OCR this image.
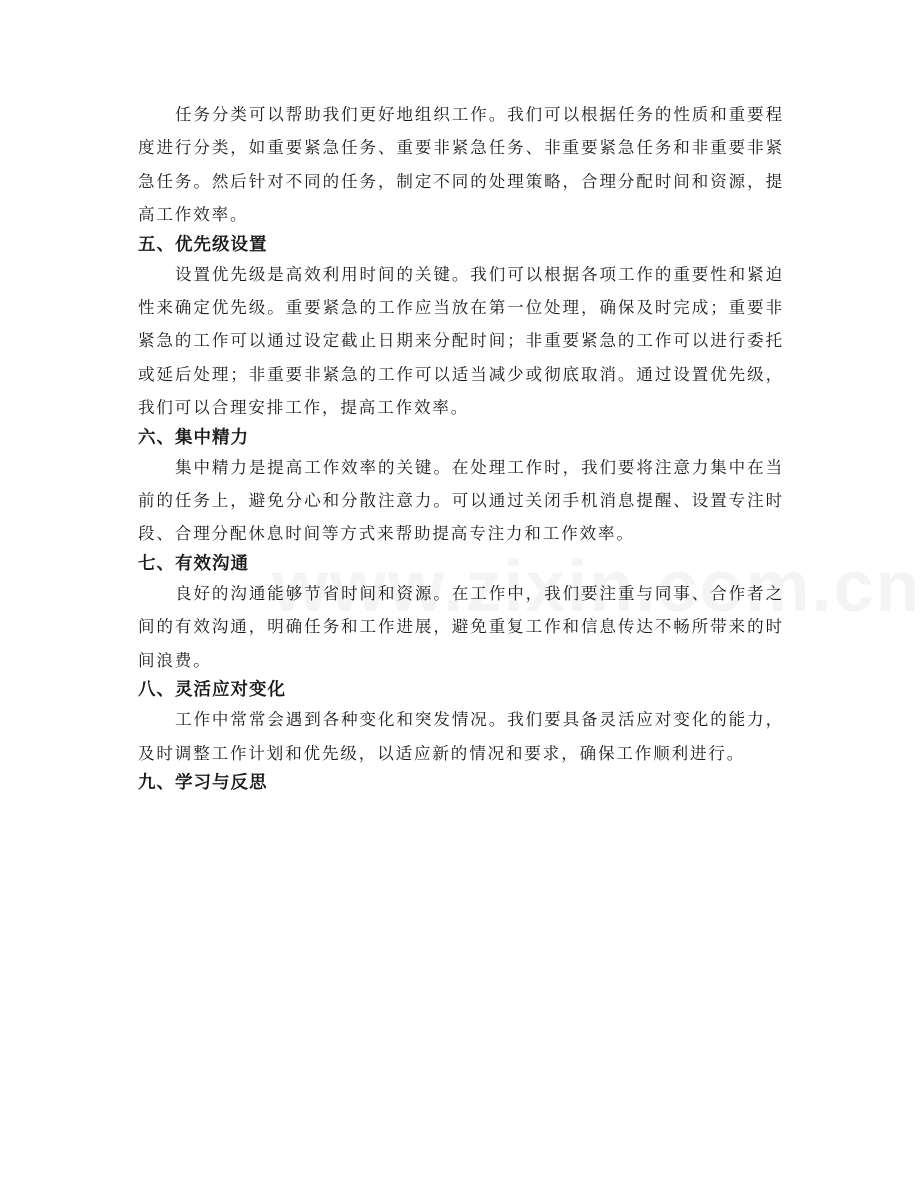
任务分类可以帮助我们更好地组织工作。我们可以根据任务的性质和重要程度进行分类，如重要紧急任务、重要非紧急任务、非重要紧急任务和非重要非紧急任务。然后针对不同的任务，制定不同的处理策略，合理分配时间和资源，提高工作效率。

五、优先级设置

设置优先级是高效利用时间的关键。我们可以根据各项工作的重要性和紧迫性来确定优先级。重要紧急的工作应当放在第一位处理，确保及时完成；重要非紧急的工作可以通过设定截止日期来分配时间；非重要紧急的工作可以进行委托或延后处理；非重要非紧急的工作可以适当减少或彻底取消。通过设置优先级，我们可以合理安排工作，提高工作效率。

六、集中精力

集中精力是提高工作效率的关键。在处理工作时，我们要将注意力集中在当前的任务上，避免分心和分散注意力。可以通过关闭手机消息提醒、设置专注时段、合理分配休息时间等方式来帮助提高专注力和工作效率。

七、有效沟通

良好的沟通能够节省时间和资源。在工作中，我们要注重与同事、合作者之间的有效沟通，明确任务和工作进展，避免重复工作和信息传达不畅所带来的时间浪费。

八、灵活应对变化

工作中常常会遇到各种变化和突发情况。我们要具备灵活应对变化的能力，及时调整工作计划和优先级，以适应新的情况和要求，确保工作顺利进行。

九、学习与反思
